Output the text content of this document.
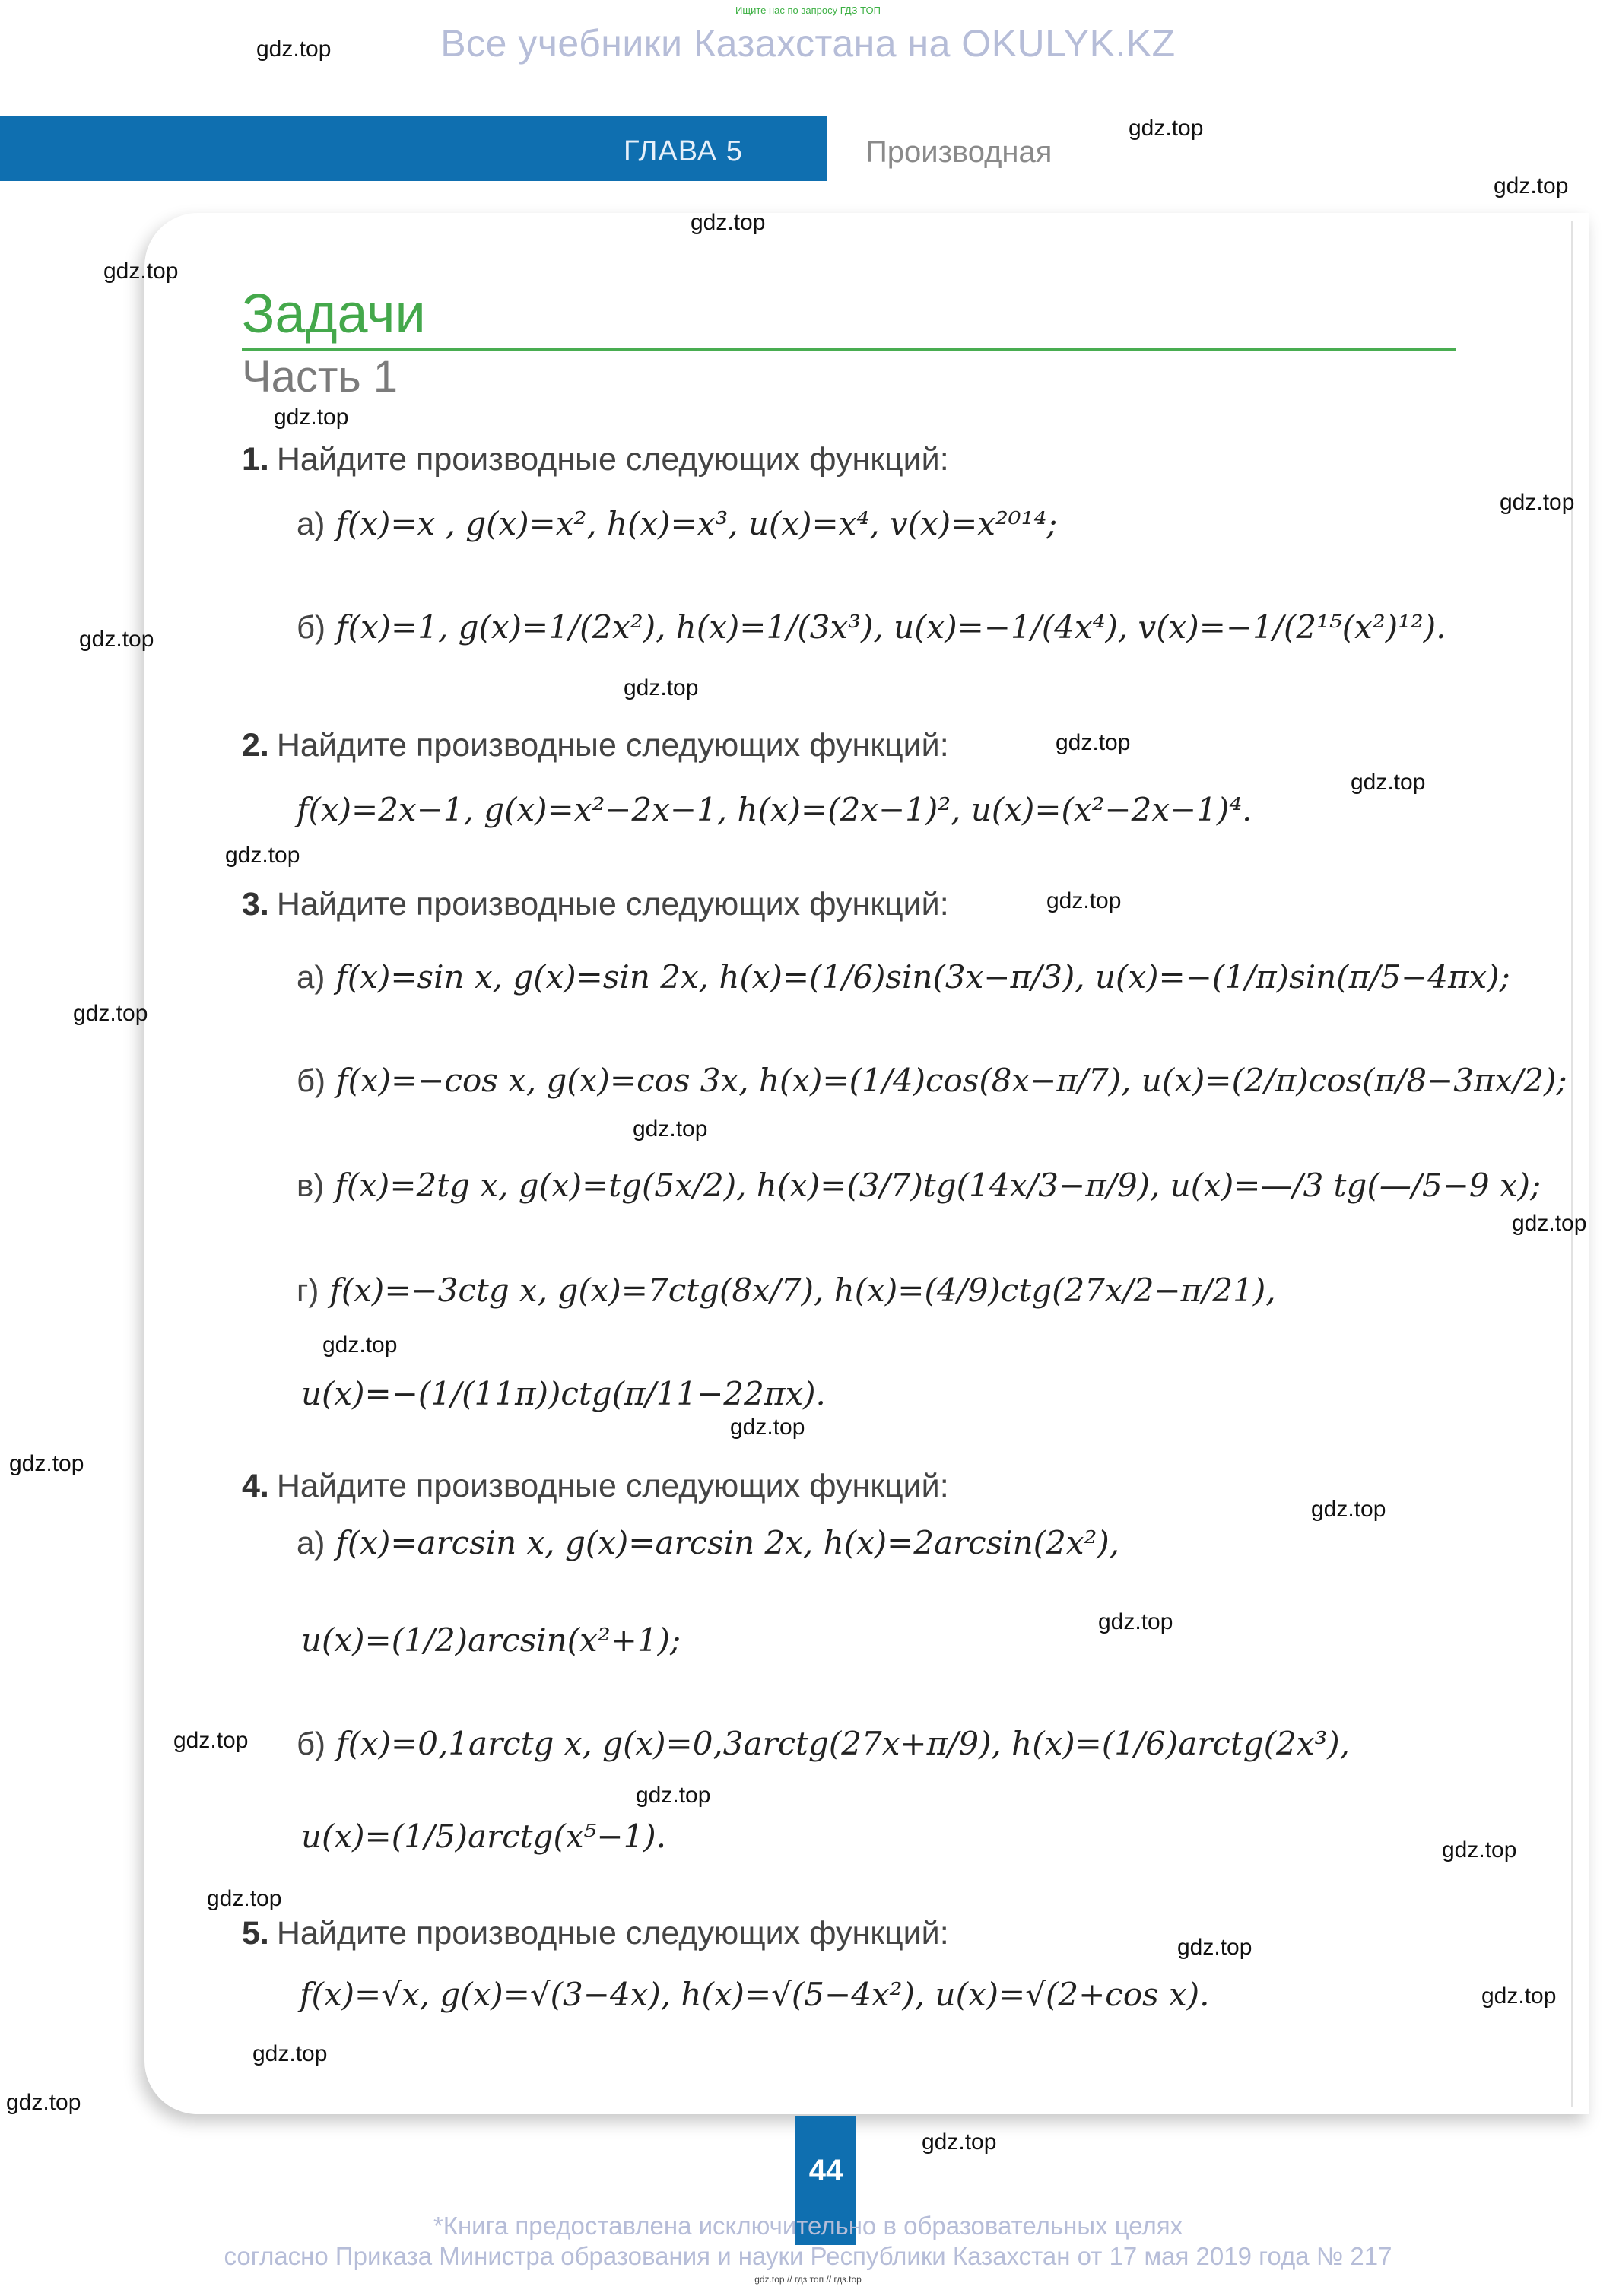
Ищите нас по запросу ГДЗ ТОП
Все учебники Казахстана на OKULYK.KZ
ГЛАВА 5	Производная
Задачи
Часть 1
1. Найдите производные следующих функций:
а) f(x)=x , g(x)=x², h(x)=x³, u(x)=x⁴, v(x)=x²⁰¹⁴;
б) f(x)=1, g(x)=1/(2x²), h(x)=1/(3x³), u(x)=−1/(4x⁴), v(x)=−1/(2¹⁵(x²)¹²).
2. Найдите производные следующих функций:
f(x)=2x−1, g(x)=x²−2x−1, h(x)=(2x−1)², u(x)=(x²−2x−1)⁴.
3. Найдите производные следующих функций:
а) f(x)=sin x, g(x)=sin 2x, h(x)=(1/6)sin(3x−π/3), u(x)=−(1/π)sin(π/5−4πx);
б) f(x)=−cos x, g(x)=cos 3x, h(x)=(1/4)cos(8x−π/7), u(x)=(2/π)cos(π/8−3πx/2);
в) f(x)=2tg x, g(x)=tg(5x/2), h(x)=(3/7)tg(14x/3−π/9), u(x)=—/3 tg(—/5−9 x);
г) f(x)=−3ctg x, g(x)=7ctg(8x/7), h(x)=(4/9)ctg(27x/2−π/21),
u(x)=−(1/(11π))ctg(π/11−22πx).
4. Найдите производные следующих функций:
а) f(x)=arcsin x, g(x)=arcsin 2x, h(x)=2arcsin(2x²),
u(x)=(1/2)arcsin(x²+1);
б) f(x)=0,1arctg x, g(x)=0,3arctg(27x+π/9), h(x)=(1/6)arctg(2x³),
u(x)=(1/5)arctg(x⁵−1).
5. Найдите производные следующих функций:
f(x)=√x, g(x)=√(3−4x), h(x)=√(5−4x²), u(x)=√(2+cos x).
44
*Книга предоставлена исключительно в образовательных целях
согласно Приказа Министра образования и науки Республики Казахстан от 17 мая 2019 года № 217
gdz.top // гдз топ // гдз.top
gdz.top
gdz.top
gdz.top
gdz.top
gdz.top
gdz.top
gdz.top
gdz.top
gdz.top
gdz.top
gdz.top
gdz.top
gdz.top
gdz.top
gdz.top
gdz.top
gdz.top
gdz.top
gdz.top
gdz.top
gdz.top
gdz.top
gdz.top
gdz.top
gdz.top
gdz.top
gdz.top
gdz.top
gdz.top
gdz.top
